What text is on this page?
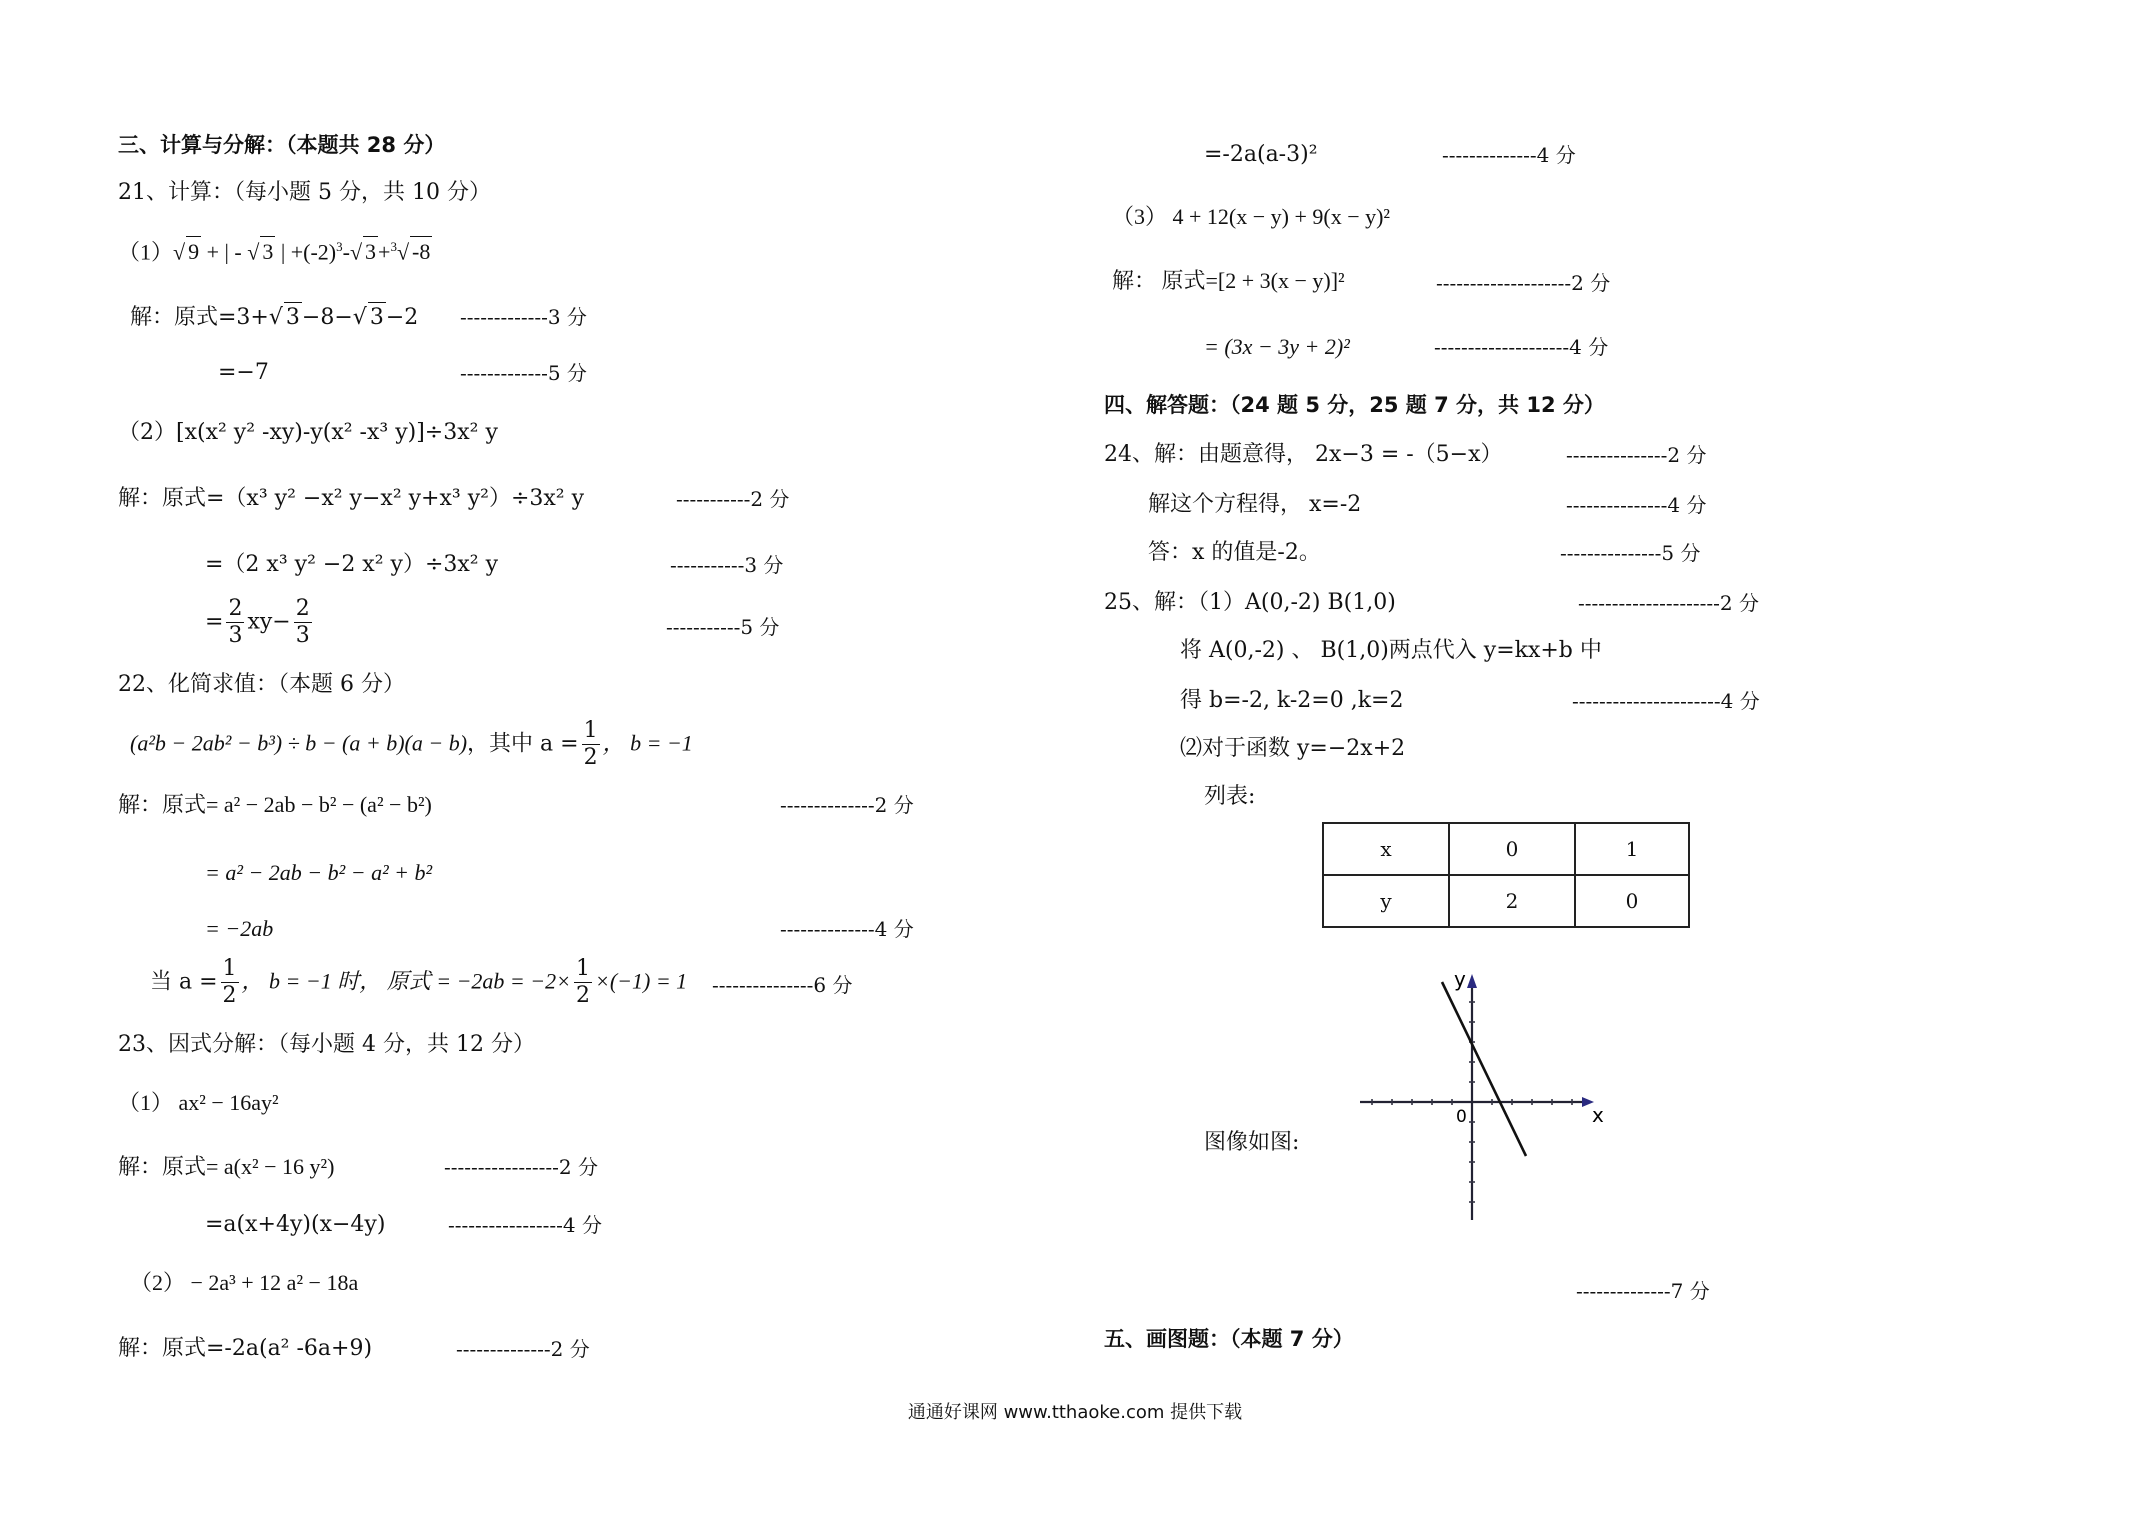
三、计算与分解：（本题共 28 分）
21、计算：（每小题 5 分，共 10 分）
（1）√ 9 + | - √ 3 | $+(-2)^3-√$ 3+$^3$√ -8
解：原式=3+√ 3−8−√ 3−2 -------------3 分
=−7	-------------5 分
（2）[x(x² y² -xy)-y(x² -x³ y)]÷3x² y
解：原式=（x³ y² −x² y−x² y+x³ y²）÷3x² y	-----------2 分
=（2 x³ y² −2 x² y）÷3x² y	-----------3 分
= $\frac{2}{3} xy- \frac{2}{3}$	-----------5 分
22、化简求值：（本题 6 分）
(a²b − 2ab² − b³) ÷ b − (a + b)(a − b)，其中 $a = \frac{1}{2}$ ， b = −1
解：原式= a² − 2ab − b² − (a² − b²)	--------------2 分
= a² − 2ab − b² − a² + b²
= −2ab	--------------4 分
当 $a = \frac{1}{2}$ ， b = −1 时， 原式 = $-2ab = -2\times \frac{1}{2} \times(-1) = 1$ ---------------6 分
23、因式分解：（每小题 4 分，共 12 分）
（1） ax² − 16ay²
解：原式= a(x² − 16 y²)	-----------------2 分
=a(x+4y)(x−4y)	-----------------4 分
（2） − 2a³ + 12 a² − 18a
解：原式=-2a(a² -6a+9)	--------------2 分
=-2a(a-3)²	--------------4 分
（3） 4 + 12(x − y) + 9(x − y)²
解： 原式=[2 + 3(x − y)]²	--------------------2 分
= (3x − 3y + 2)²	--------------------4 分
四、解答题：（24 题 5 分，25 题 7 分，共 12 分）
24、解：由题意得， 2x−3 = -（5−x）	---------------2 分
解这个方程得， x=-2	---------------4 分
答：x 的值是-2。	---------------5 分
25、解：（1）A(0,-2) B(1,0)	---------------------2 分
将 A(0,-2) 、 B(1,0)两点代入 y=kx+b 中
得 b=-2, k-2=0 ,k=2	----------------------4 分
⑵对于函数 y=−2x+2
列表:
x	0	1
y	2	0
y
x
0
图像如图:
--------------7 分
五、画图题：（本题 7 分）
通通好课网 www.tthaoke.com 提供下载
